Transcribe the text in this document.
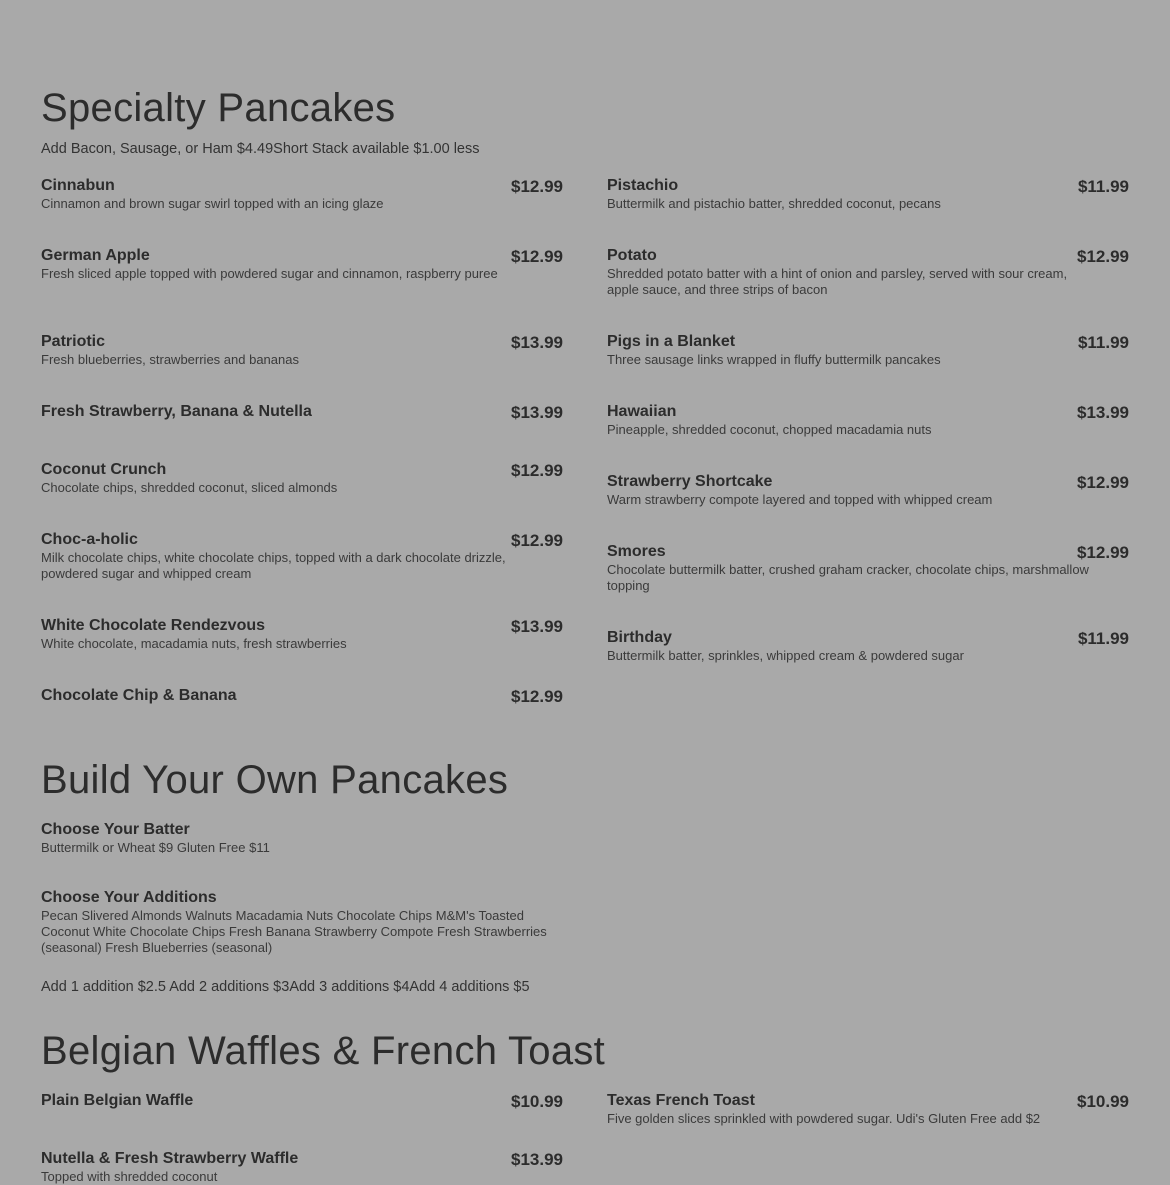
Specialty Pancakes
Add Bacon, Sausage, or Ham $4.49Short Stack available $1.00 less
Cinnabun	$12.99
Cinnamon and brown sugar swirl topped with an icing glaze
German Apple	$12.99
Fresh sliced apple topped with powdered sugar and cinnamon, raspberry puree
Patriotic	$13.99
Fresh blueberries, strawberries and bananas
Fresh Strawberry, Banana & Nutella	$13.99
Coconut Crunch	$12.99
Chocolate chips, shredded coconut, sliced almonds
Choc-a-holic	$12.99
Milk chocolate chips, white chocolate chips, topped with a dark chocolate drizzle, powdered sugar and whipped cream
White Chocolate Rendezvous	$13.99
White chocolate, macadamia nuts, fresh strawberries
Chocolate Chip & Banana	$12.99
Pistachio	$11.99
Buttermilk and pistachio batter, shredded coconut, pecans
Potato	$12.99
Shredded potato batter with a hint of onion and parsley, served with sour cream, apple sauce, and three strips of bacon
Pigs in a Blanket	$11.99
Three sausage links wrapped in fluffy buttermilk pancakes
Hawaiian	$13.99
Pineapple, shredded coconut, chopped macadamia nuts
Strawberry Shortcake	$12.99
Warm strawberry compote layered and topped with whipped cream
Smores	$12.99
Chocolate buttermilk batter, crushed graham cracker, chocolate chips, marshmallow topping
Birthday	$11.99
Buttermilk batter, sprinkles, whipped cream & powdered sugar
Build Your Own Pancakes
Choose Your Batter
Buttermilk or Wheat $9 Gluten Free $11
Choose Your Additions
Pecan Slivered Almonds Walnuts Macadamia Nuts Chocolate Chips M&M's Toasted Coconut White Chocolate Chips Fresh Banana Strawberry Compote Fresh Strawberries (seasonal) Fresh Blueberries (seasonal)
Add 1 addition $2.5 Add 2 additions $3Add 3 additions $4Add 4 additions $5
Belgian Waffles & French Toast
Plain Belgian Waffle	$10.99
Nutella & Fresh Strawberry Waffle	$13.99
Topped with shredded coconut
Texas French Toast	$10.99
Five golden slices sprinkled with powdered sugar. Udi's Gluten Free add $2
